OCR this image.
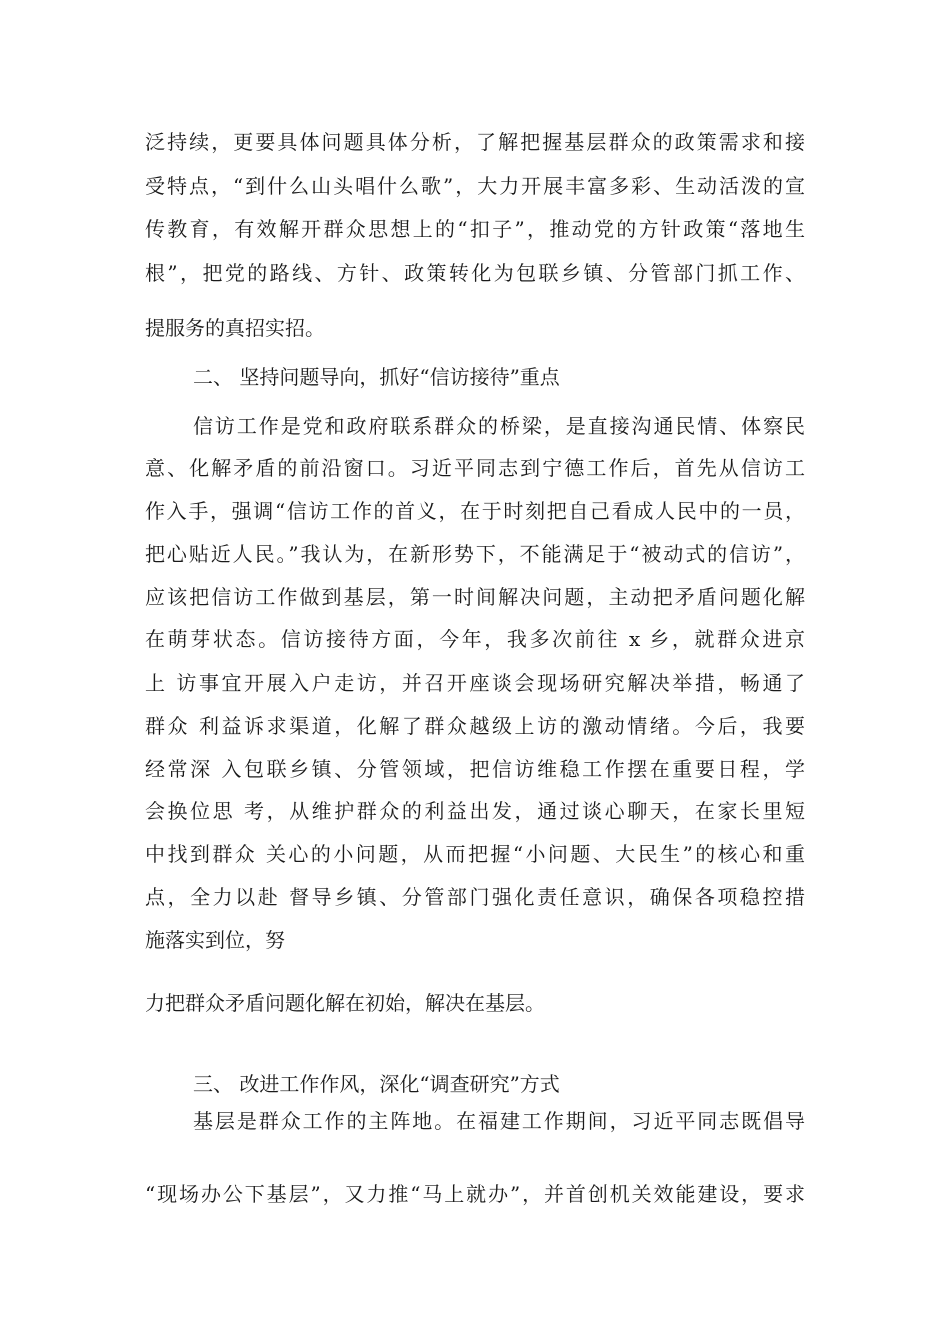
泛持续，更要具体问题具体分析，了解把握基层群众的政策需求和接
受特点，“到什么山头唱什么歌”，大力开展丰富多彩、生动活泼的宣
传教育，有效解开群众思想上的“扣子”，推动党的方针政策“落地生
根”，把党的路线、方针、政策转化为包联乡镇、分管部门抓工作、
提服务的真招实招。
二、 坚持问题导向，抓好“信访接待”重点
信访工作是党和政府联系群众的桥梁，是直接沟通民情、体察民
意、化解矛盾的前沿窗口。习近平同志到宁德工作后，首先从信访工
作入手，强调“信访工作的首义，在于时刻把自己看成人民中的一员，
把心贴近人民。”我认为，在新形势下，不能满足于“被动式的信访”，
应该把信访工作做到基层，第一时间解决问题，主动把矛盾问题化解
在萌芽状态。信访接待方面，今年，我多次前往 x 乡，就群众进京
上 访事宜开展入户走访，并召开座谈会现场研究解决举措，畅通了
群众 利益诉求渠道，化解了群众越级上访的激动情绪。今后，我要
经常深 入包联乡镇、分管领域，把信访维稳工作摆在重要日程，学
会换位思 考，从维护群众的利益出发，通过谈心聊天，在家长里短
中找到群众 关心的小问题，从而把握“小问题、大民生”的核心和重
点，全力以赴 督导乡镇、分管部门强化责任意识，确保各项稳控措
施落实到位，努
力把群众矛盾问题化解在初始，解决在基层。
三、 改进工作作风，深化“调查研究”方式
基层是群众工作的主阵地。在福建工作期间，习近平同志既倡导
“现场办公下基层”，又力推“马上就办”，并首创机关效能建设，要求
